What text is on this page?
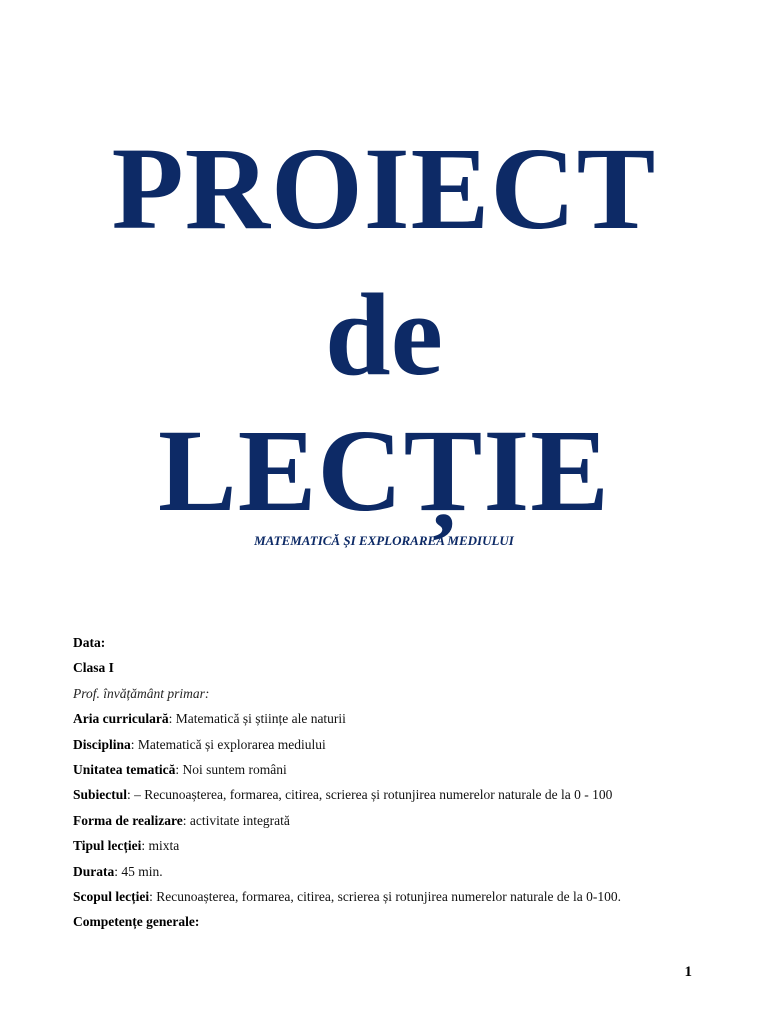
PROIECT
de
LECȚIE

MATEMATICĂ ȘI EXPLORAREA MEDIULUI

Data:
Clasa I
Prof. învățământ primar:
Aria curriculară: Matematică și științe ale naturii
Disciplina: Matematică și explorarea mediului
Unitatea tematică: Noi suntem români
Subiectul: – Recunoașterea, formarea, citirea, scrierea și rotunjirea numerelor naturale de la 0 - 100
Forma de realizare: activitate integrată
Tipul lecției: mixta
Durata: 45 min.
Scopul lecției: Recunoașterea, formarea, citirea, scrierea și rotunjirea numerelor naturale de la 0-100.
Competențe generale:
1
